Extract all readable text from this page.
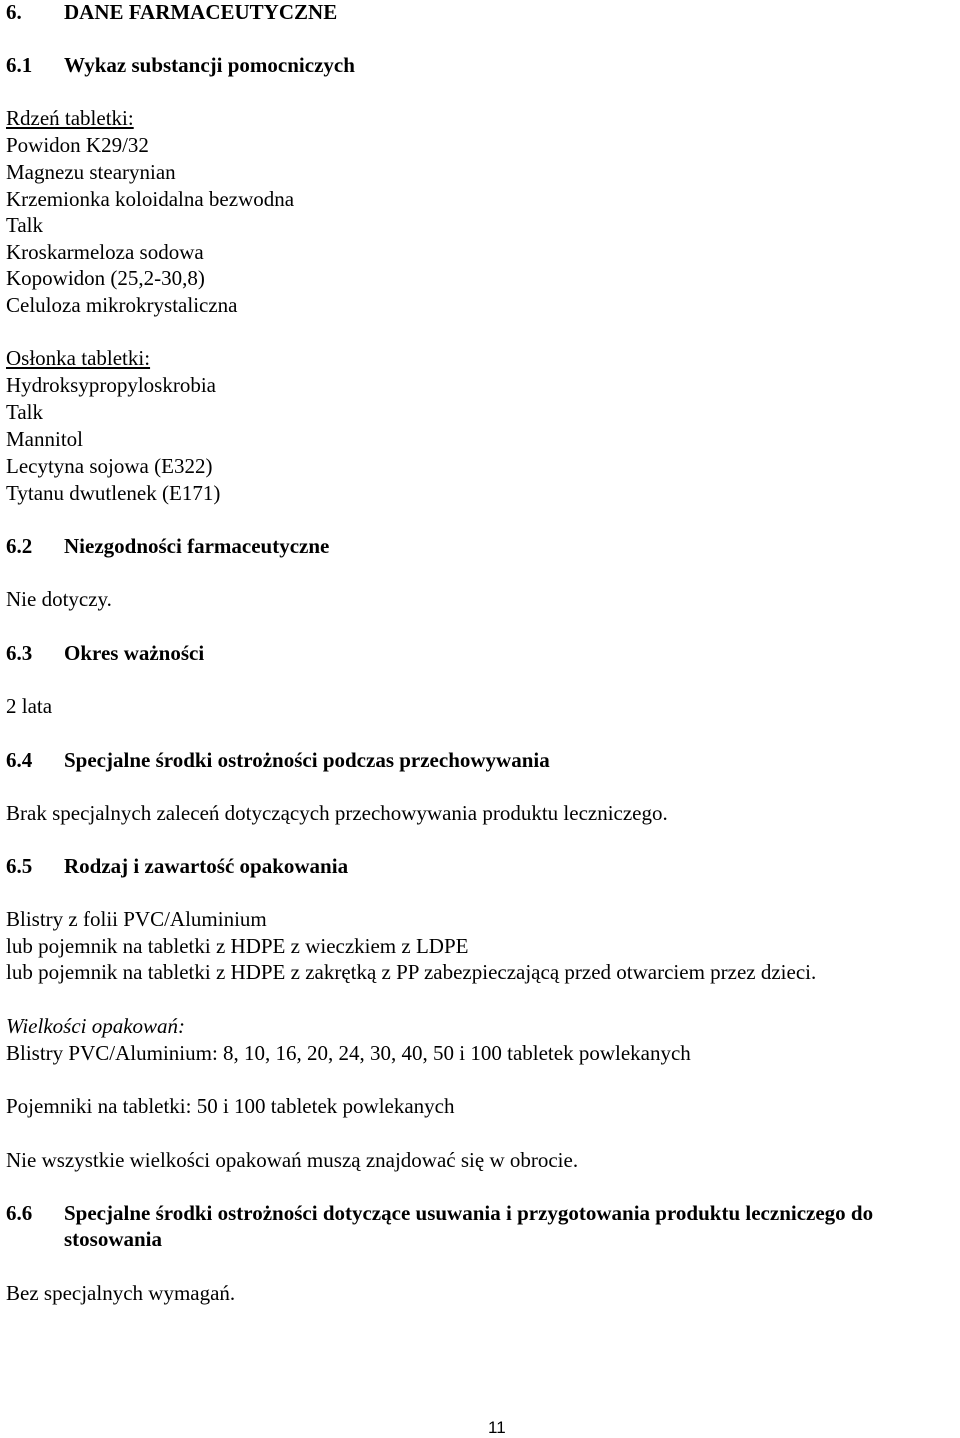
6. DANE FARMACEUTYCZNE
6.1 Wykaz substancji pomocniczych
Rdzeń tabletki:
Powidon K29/32
Magnezu stearynian
Krzemionka koloidalna bezwodna
Talk
Kroskarmeloza sodowa
Kopowidon (25,2-30,8)
Celuloza mikrokrystaliczna
Osłonka tabletki:
Hydroksypropyloskrobia
Talk
Mannitol
Lecytyna sojowa (E322)
Tytanu dwutlenek (E171)
6.2 Niezgodności farmaceutyczne
Nie dotyczy.
6.3 Okres ważności
2 lata
6.4 Specjalne środki ostrożności podczas przechowywania
Brak specjalnych zaleceń dotyczących przechowywania produktu leczniczego.
6.5 Rodzaj i zawartość opakowania
Blistry z folii PVC/Aluminium
lub pojemnik na tabletki z HDPE z wieczkiem z LDPE
lub pojemnik na tabletki z HDPE z zakrętką z PP zabezpieczającą przed otwarciem przez dzieci.
Wielkości opakowań:
Blistry PVC/Aluminium: 8, 10, 16, 20, 24, 30, 40, 50 i 100 tabletek powlekanych
Pojemniki na tabletki: 50 i 100 tabletek powlekanych
Nie wszystkie wielkości opakowań muszą znajdować się w obrocie.
6.6 Specjalne środki ostrożności dotyczące usuwania i przygotowania produktu leczniczego do
stosowania
Bez specjalnych wymagań.
11
